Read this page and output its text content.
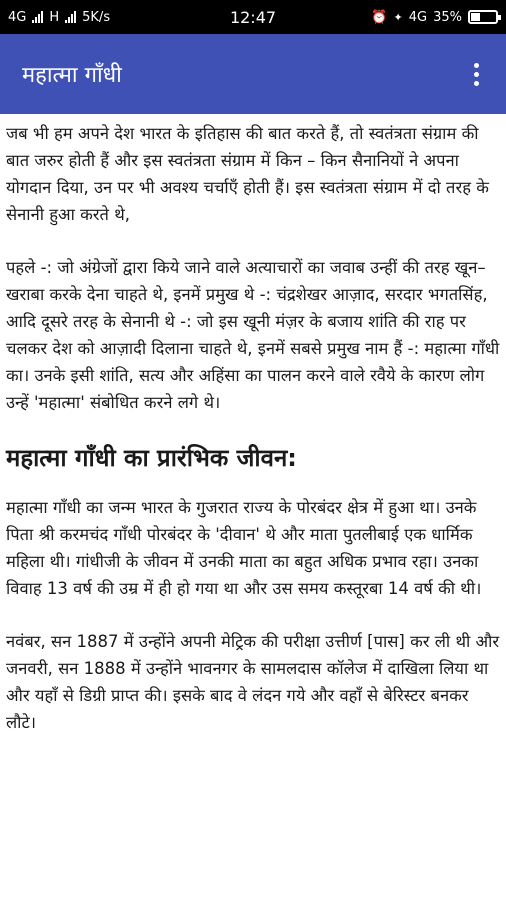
4G H 5K/s	12:47	⏰ ✦ 4G 35%
महात्मा गाँधी

जब भी हम अपने देश भारत के इतिहास की बात करते हैं, तो स्वतंत्रता संग्राम की बात जरुर होती हैं और इस स्वतंत्रता संग्राम में किन – किन सैनानियों ने अपना योगदान दिया, उन पर भी अवश्य चर्चाएँ होती हैं। इस स्वतंत्रता संग्राम में दो तरह के सेनानी हुआ करते थे,

पहले -: जो अंग्रेजों द्वारा किये जाने वाले अत्याचारों का जवाब उन्हीं की तरह खून–खराबा करके देना चाहते थे, इनमें प्रमुख थे -: चंद्रशेखर आज़ाद, सरदार भगतसिंह, आदि दूसरे तरह के सेनानी थे -: जो इस खूनी मंज़र के बजाय शांति की राह पर चलकर देश को आज़ादी दिलाना चाहते थे, इनमें सबसे प्रमुख नाम हैं -: महात्मा गाँधी का। उनके इसी शांति, सत्य और अहिंसा का पालन करने वाले रवैये के कारण लोग उन्हें 'महात्मा' संबोधित करने लगे थे।

महात्मा गाँधी का प्रारंभिक जीवन:

महात्मा गाँधी का जन्म भारत के गुजरात राज्य के पोरबंदर क्षेत्र में हुआ था। उनके पिता श्री करमचंद गाँधी पोरबंदर के 'दीवान' थे और माता पुतलीबाई एक धार्मिक महिला थी। गांधीजी के जीवन में उनकी माता का बहुत अधिक प्रभाव रहा। उनका विवाह 13 वर्ष की उम्र में ही हो गया था और उस समय कस्तूरबा 14 वर्ष की थी।

नवंबर, सन 1887 में उन्होंने अपनी मेट्रिक की परीक्षा उत्तीर्ण [पास] कर ली थी और जनवरी, सन 1888 में उन्होंने भावनगर के सामलदास कॉलेज में दाखिला लिया था और यहाँ से डिग्री प्राप्त की। इसके बाद वे लंदन गये और वहाँ से बेरिस्टर बनकर लौटे।
